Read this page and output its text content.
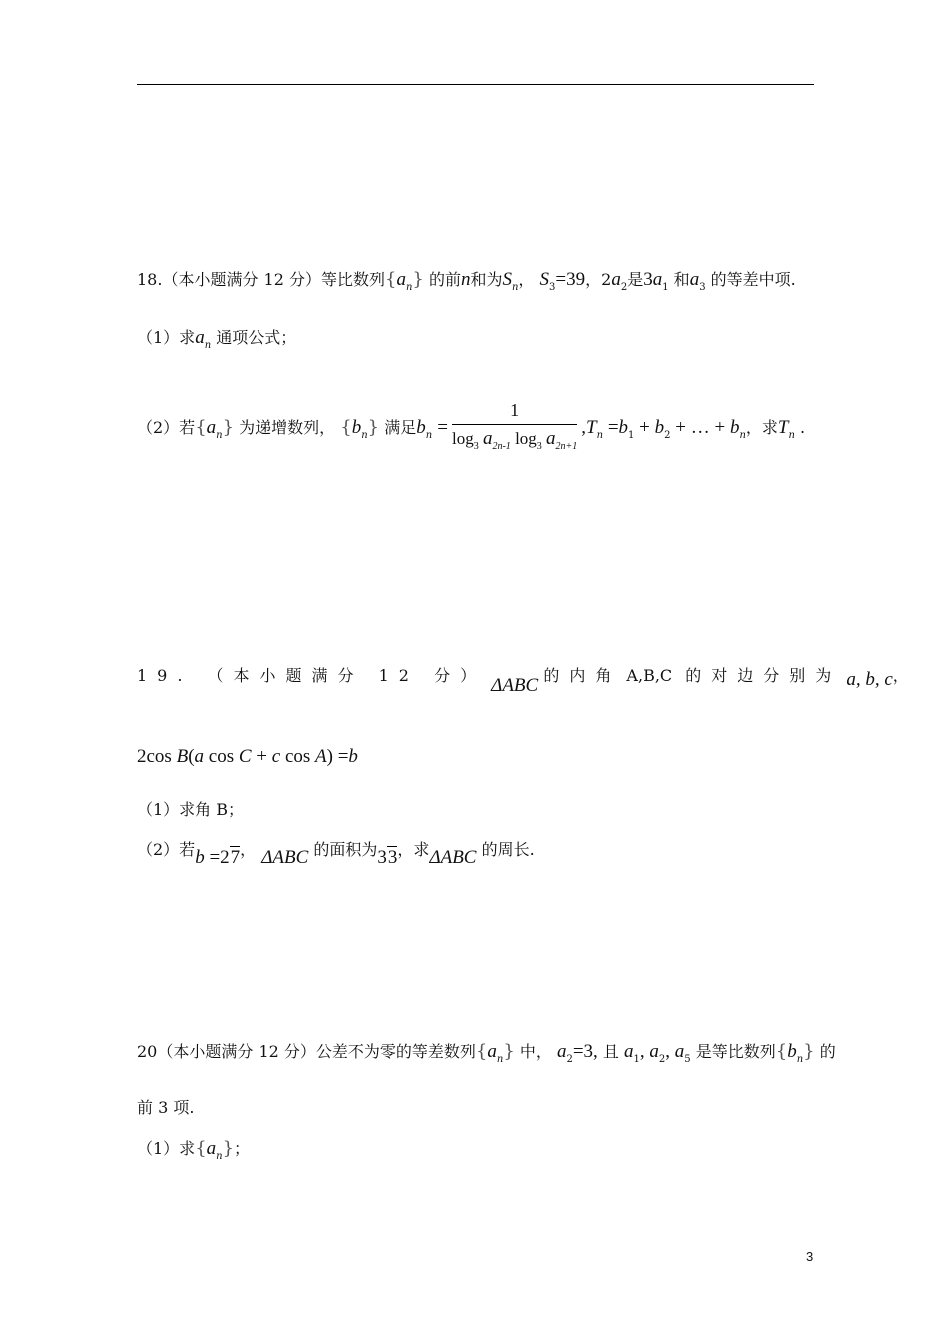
18.（本小题满分 12 分）等比数列$\{a_n\}$ 的前n和为$S_n$， $S_3=39$，$2a_2$是$3a_1$ 和$a_3$ 的等差中项.
（1）求$a_n$ 通项公式；
（2）若$\{a_n\}$ 为递增数列， $\{b_n\}$ 满足$b_n = \frac{1}{\log_3 a_{2n-1} \log_3 a_{2n+1}} ,T_n =b_1 + b_2$ + … + $b_n$，求$T_n$ .
19. （本小题满分 12 分） ΔABC 的内角 A,B,C 的对边分别为 a, b, c，
2cos B(a cos C + c cos A) =b
（1）求角 B；
（2）若b =27， ΔABC 的面积为33，求ΔABC 的周长.
20（本小题满分 12 分）公差不为零的等差数列$\{a_n\}$ 中， $a_2=3$, 且 $a_1$, $a_2$, $a_5$ 是等比数列$\{b_n\}$ 的
前 3 项.
（1）求$\{a_n\}$；
3
